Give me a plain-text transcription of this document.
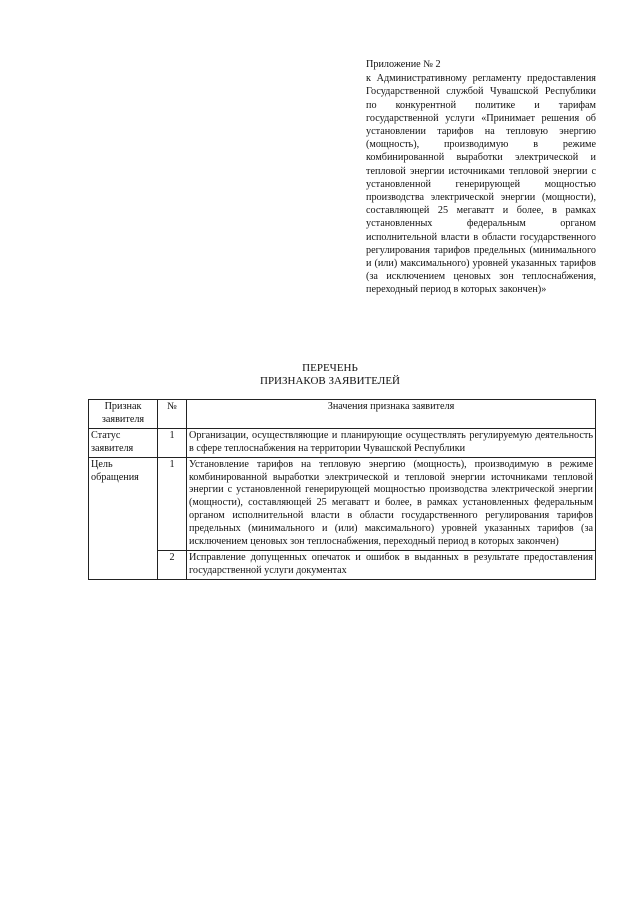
Приложение № 2
к Административному регламенту предоставления Государственной службой Чувашской Республики по конкурентной политике и тарифам государственной услуги «Принимает решения об установлении тарифов на тепловую энергию (мощность), производимую в режиме комбинированной выработки электрической и тепловой энергии источниками тепловой энергии с установленной генерирующей мощностью производства электрической энергии (мощности), составляющей 25 мегаватт и более, в рамках установленных федеральным органом исполнительной власти в области государственного регулирования тарифов предельных (минимального и (или) максимального) уровней указанных тарифов (за исключением ценовых зон теплоснабжения, переходный период в которых закончен)»
ПЕРЕЧЕНЬ
ПРИЗНАКОВ ЗАЯВИТЕЛЕЙ
Признак заявителя	№	Значения признака заявителя
Статус заявителя	1	Организации, осуществляющие и планирующие осуществлять регулируемую деятельность в сфере теплоснабжения на территории Чувашской Республики
Цель обращения	1	Установление тарифов на тепловую энергию (мощность), производимую в режиме комбинированной выработки электрической и тепловой энергии источниками тепловой энергии с установленной генерирующей мощностью производства электрической энергии (мощности), составляющей 25 мегаватт и более, в рамках установленных федеральным органом исполнительной власти в области государственного регулирования тарифов предельных (минимального и (или) максимального) уровней указанных тарифов (за исключением ценовых зон теплоснабжения, переходный период в которых закончен)
	2	Исправление допущенных опечаток и ошибок в выданных в результате предоставления государственной услуги документах
